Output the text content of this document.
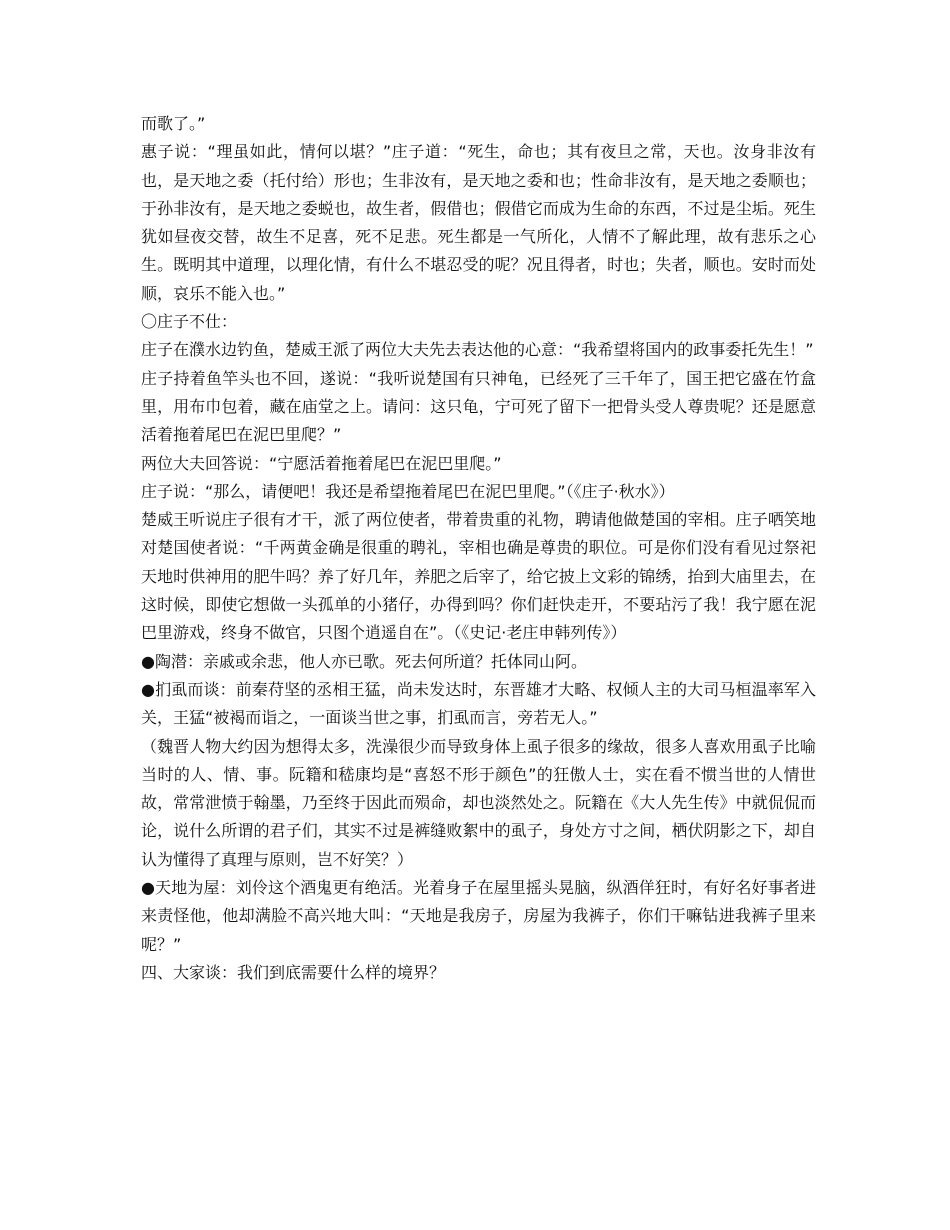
而歌了。”

惠子说：“理虽如此，情何以堪？”庄子道：“死生，命也；其有夜旦之常，天也。汝身非汝有也，是天地之委（托付给）形也；生非汝有，是天地之委和也；性命非汝有，是天地之委顺也；于孙非汝有，是天地之委蜕也，故生者，假借也；假借它而成为生命的东西，不过是尘垢。死生犹如昼夜交替，故生不足喜，死不足悲。死生都是一气所化，人情不了解此理，故有悲乐之心生。既明其中道理，以理化情，有什么不堪忍受的呢？况且得者，时也；失者，顺也。安时而处顺，哀乐不能入也。”

〇庄子不仕：

庄子在濮水边钓鱼，楚威王派了两位大夫先去表达他的心意：“我希望将国内的政事委托先生！”

庄子持着鱼竿头也不回，遂说：“我听说楚国有只神龟，已经死了三千年了，国王把它盛在竹盒里，用布巾包着，藏在庙堂之上。请问：这只龟，宁可死了留下一把骨头受人尊贵呢？还是愿意活着拖着尾巴在泥巴里爬？”

两位大夫回答说：“宁愿活着拖着尾巴在泥巴里爬。”

庄子说：“那么，请便吧！我还是希望拖着尾巴在泥巴里爬。”（《庄子·秋水》）

楚威王听说庄子很有才干，派了两位使者，带着贵重的礼物，聘请他做楚国的宰相。庄子哂笑地对楚国使者说：“千两黄金确是很重的聘礼，宰相也确是尊贵的职位。可是你们没有看见过祭祀天地时供神用的肥牛吗？养了好几年，养肥之后宰了，给它披上文彩的锦绣，抬到大庙里去，在这时候，即使它想做一头孤单的小猪仔，办得到吗？你们赶快走开，不要玷污了我！我宁愿在泥巴里游戏，终身不做官，只图个逍遥自在”。（《史记·老庄申韩列传》）

●陶潜：亲戚或余悲，他人亦已歌。死去何所道？托体同山阿。

●扪虱而谈：前秦苻坚的丞相王猛，尚未发达时，东晋雄才大略、权倾人主的大司马桓温率军入关，王猛“被褐而诣之，一面谈当世之事，扪虱而言，旁若无人。”

（魏晋人物大约因为想得太多，洗澡很少而导致身体上虱子很多的缘故，很多人喜欢用虱子比喻当时的人、情、事。阮籍和嵇康均是“喜怒不形于颜色”的狂傲人士，实在看不惯当世的人情世故，常常泄愤于翰墨，乃至终于因此而殒命，却也淡然处之。阮籍在《大人先生传》中就侃侃而论，说什么所谓的君子们，其实不过是裤缝败絮中的虱子，身处方寸之间，栖伏阴影之下，却自认为懂得了真理与原则，岂不好笑？）

●天地为屋：刘伶这个酒鬼更有绝活。光着身子在屋里摇头晃脑，纵酒佯狂时，有好名好事者进来责怪他，他却满脸不高兴地大叫：“天地是我房子，房屋为我裤子，你们干嘛钻进我裤子里来呢？”

四、大家谈：我们到底需要什么样的境界？
